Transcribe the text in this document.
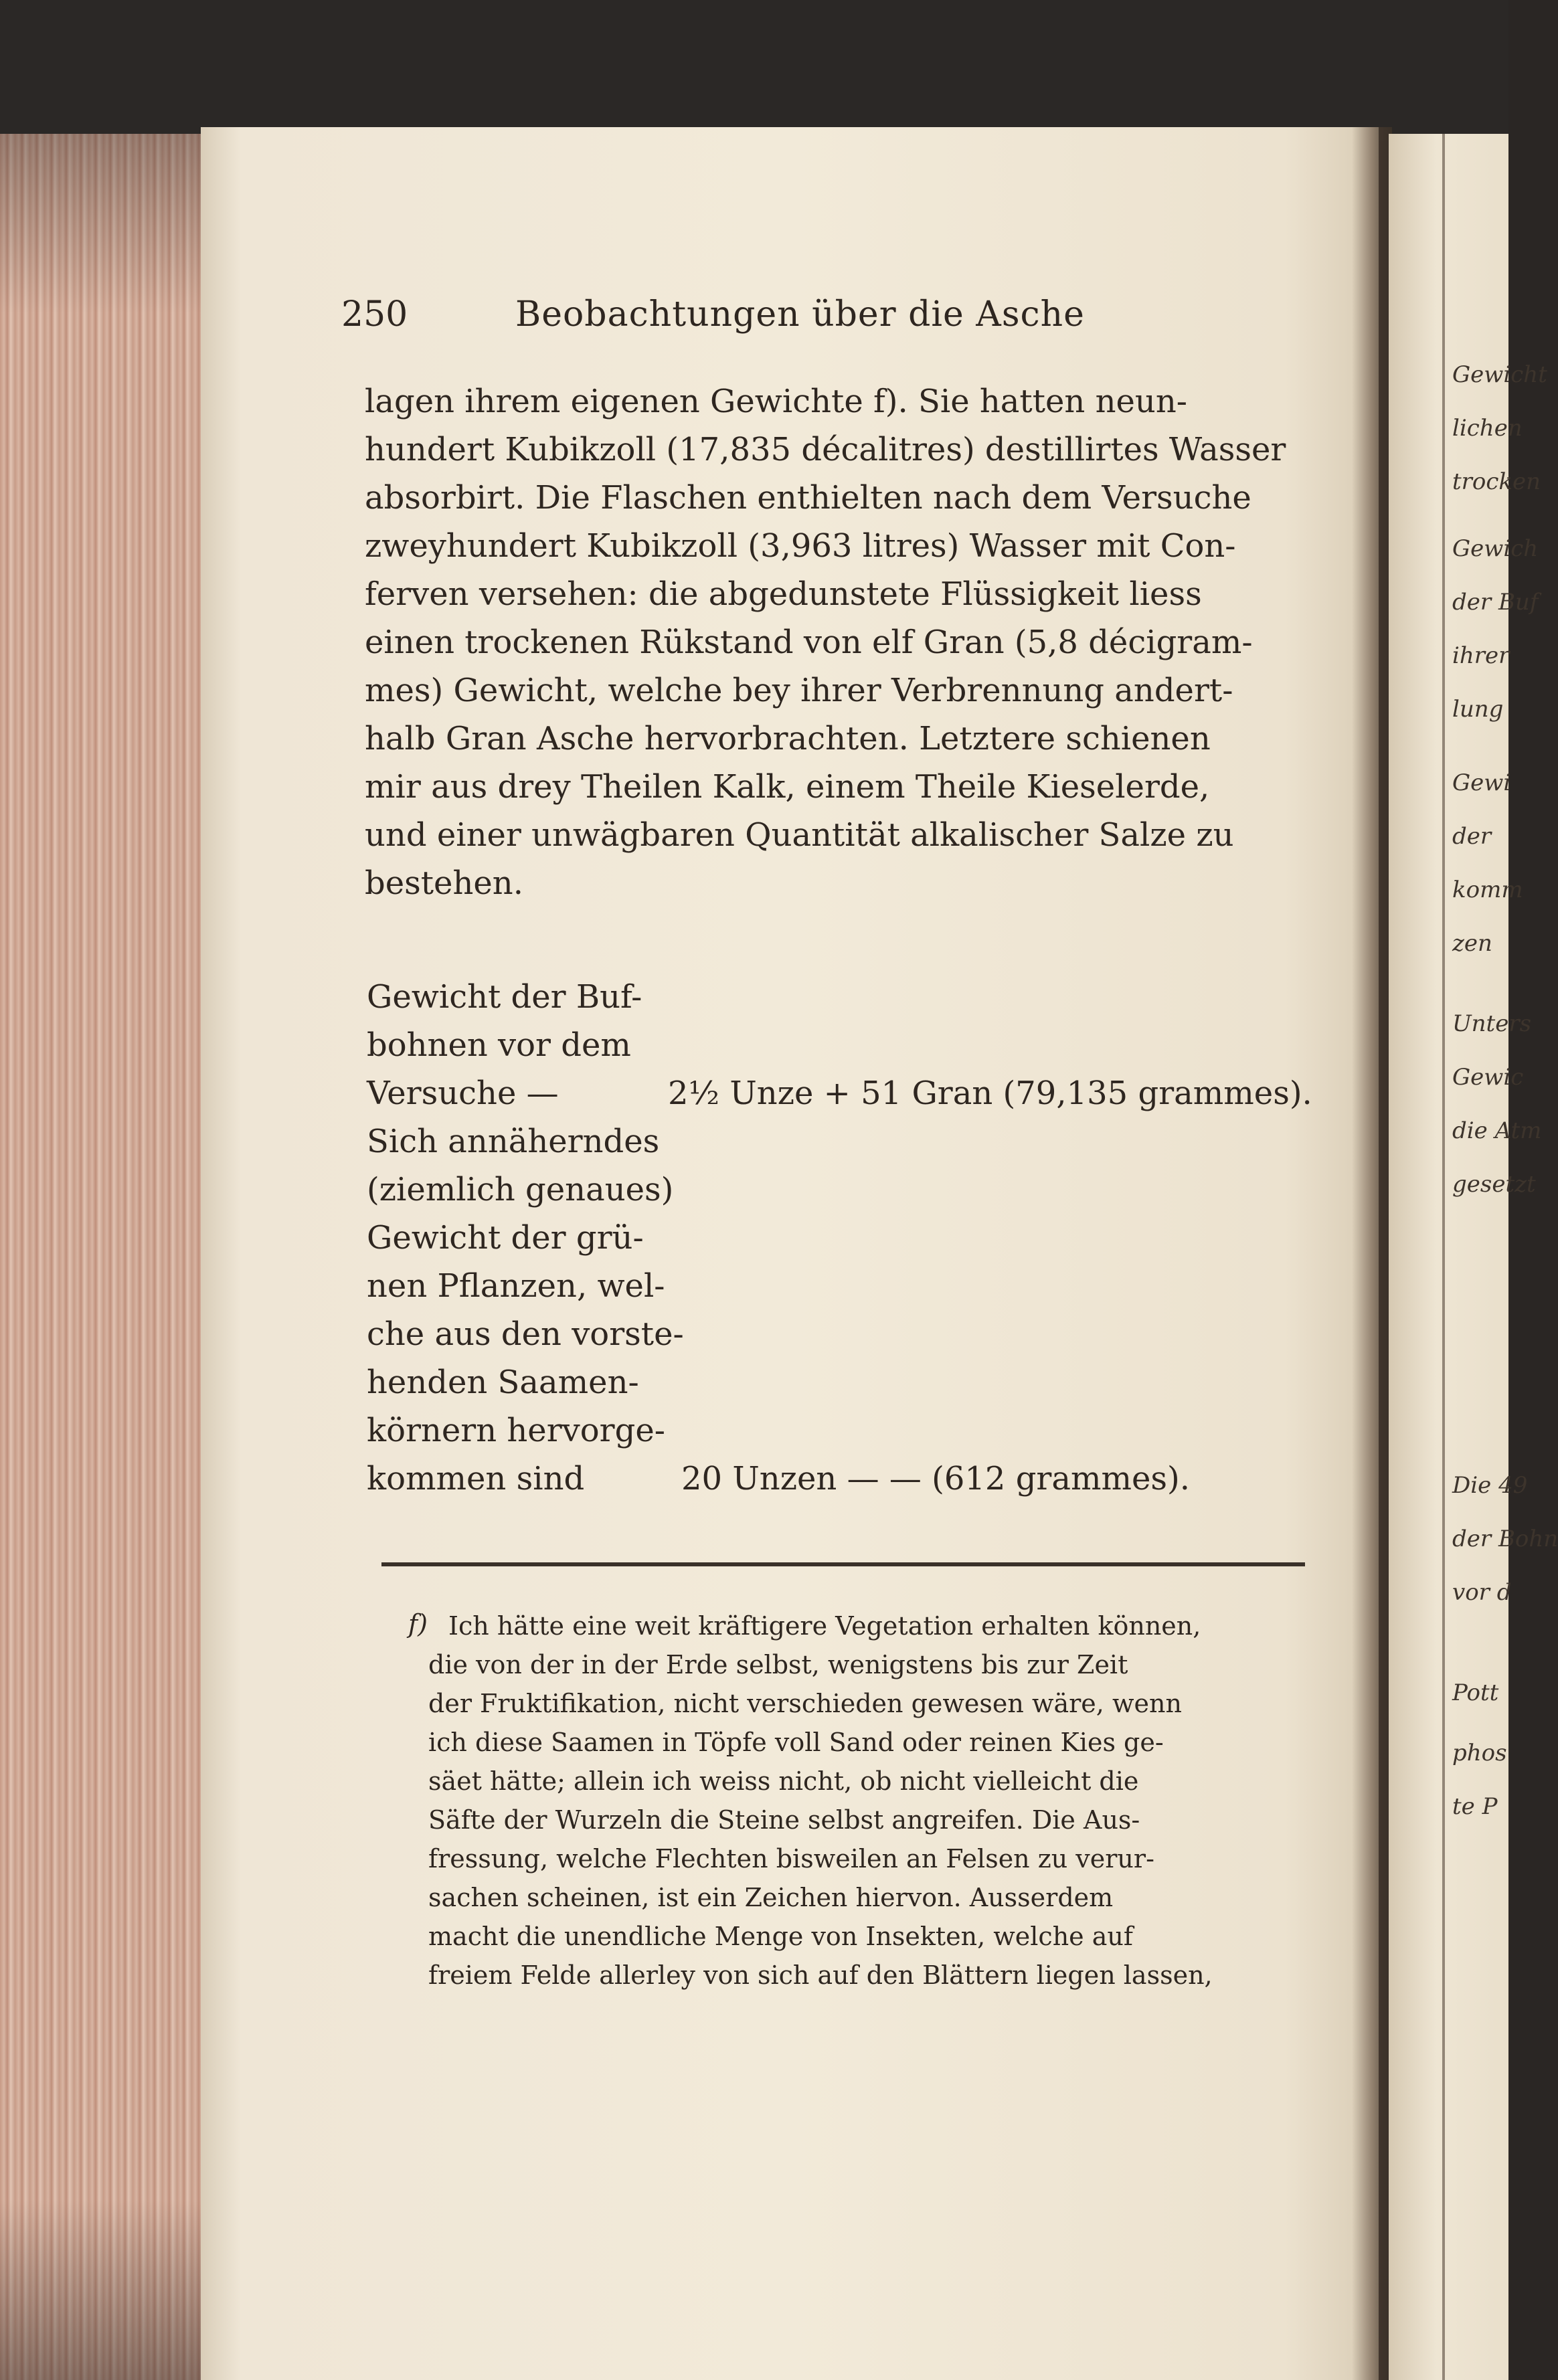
Gewicht
lichen
trocken
Gewich
der Buf
ihrer
lung
Gewi
der
komm
zen
Unters
Gewic
die Atm
gesetzt
Die 49
der Bohn
vor d
Pott
phos
te P
250	Beobachtungen über die Asche
lagen ihrem eigenen Gewichte f). Sie hatten neun-
hundert Kubikzoll (17,835 décalitres) destillirtes Wasser
absorbirt. Die Flaschen enthielten nach dem Versuche
zweyhundert Kubikzoll (3,963 litres) Wasser mit Con-
ferven versehen: die abgedunstete Flüssigkeit liess
einen trockenen Rükstand von elf Gran (5,8 décigram-
mes) Gewicht, welche bey ihrer Verbrennung andert-
halb Gran Asche hervorbrachten. Letztere schienen
mir aus drey Theilen Kalk, einem Theile Kieselerde,
und einer unwägbaren Quantität alkalischer Salze zu
bestehen.
Gewicht der Buf-
bohnen vor dem
Versuche —	2½ Unze + 51 Gran (79,135 grammes).
Sich annäherndes
(ziemlich genaues)
Gewicht der grü-
nen Pflanzen, wel-
che aus den vorste-
henden Saamen-
körnern hervorge-
kommen sind	20 Unzen — — (612 grammes).
f) Ich hätte eine weit kräftigere Vegetation erhalten können,
die von der in der Erde selbst, wenigstens bis zur Zeit
der Fruktifikation, nicht verschieden gewesen wäre, wenn
ich diese Saamen in Töpfe voll Sand oder reinen Kies ge-
säet hätte; allein ich weiss nicht, ob nicht vielleicht die
Säfte der Wurzeln die Steine selbst angreifen. Die Aus-
fressung, welche Flechten bisweilen an Felsen zu verur-
sachen scheinen, ist ein Zeichen hiervon. Ausserdem
macht die unendliche Menge von Insekten, welche auf
freiem Felde allerley von sich auf den Blättern liegen lassen,
